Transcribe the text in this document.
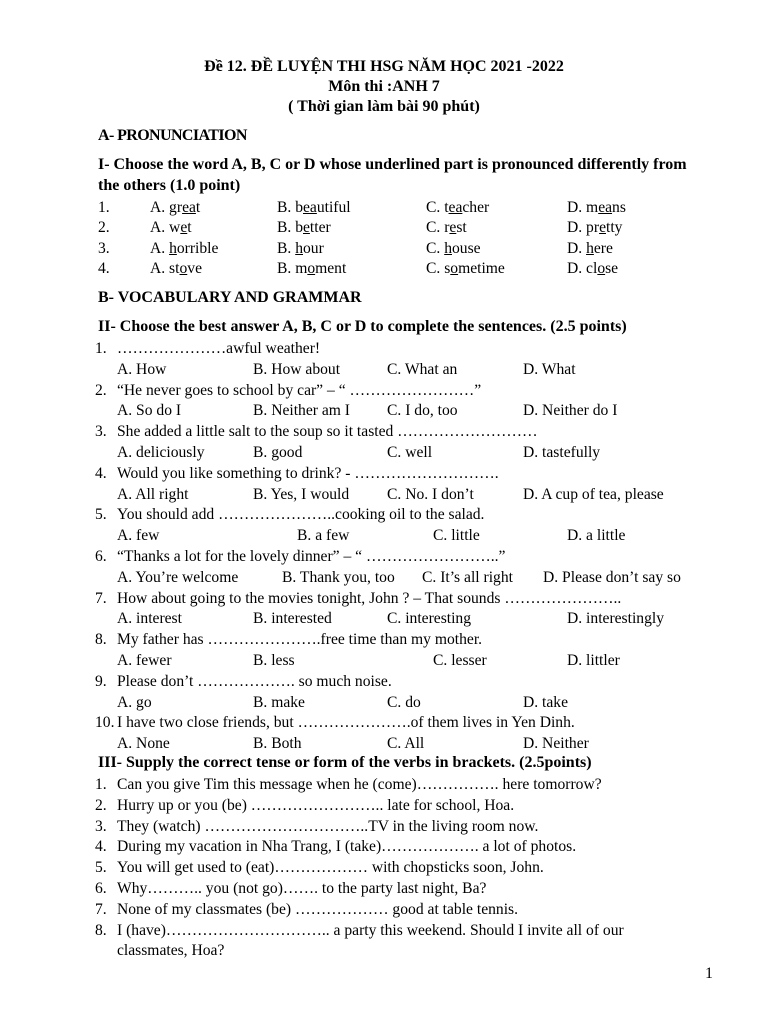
Đề 12. ĐỀ LUYỆN THI HSG NĂM HỌC 2021 -2022
Môn thi :ANH 7
( Thời gian làm bài 90 phút)
A- PRONUNCIATION
I- Choose the word A, B, C or D whose underlined part is pronounced differently from
the others (1.0 point)
1.	A. great	B. beautiful	C. teacher	D. means
2.	A. wet	B. better	C. rest	D. pretty
3.	A. horrible	B. hour	C. house	D. here
4.	A. stove	B. moment	C. sometime	D. close
B- VOCABULARY AND GRAMMAR
II- Choose the best answer A, B, C or D to complete the sentences. (2.5 points)
1. …………………awful weather!
A. How	B. How about	C. What an	D. What
2. “He never goes to school by car” – “ ……………………”
A. So do I	B. Neither am I C. I do, too	D. Neither do I
3. She added a little salt to the soup so it tasted ………………………
A. deliciously	B. good	C. well	D. tastefully
4. Would you like something to drink? - ……………………….
A. All right	B. Yes, I would C. No. I don’t	D. A cup of tea, please
5. You should add …………………..cooking oil to the salad.
A. few	B. a few	C. little	D. a little
6. “Thanks a lot for the lovely dinner” – “ ……………………..”
A. You’re welcome	B. Thank you, too C. It’s all right D. Please don’t say so
7. How about going to the movies tonight, John ? – That sounds …………………..
A. interest	B. interested	C. interesting	D. interestingly
8. My father has ………………….free time than my mother.
A. fewer	B. less	C. lesser	D. littler
9. Please don’t ………………. so much noise.
A. go	B. make	C. do	D. take
10. I have two close friends, but ………………….of them lives in Yen Dinh.
A. None	B. Both	C. All	D. Neither
III- Supply the correct tense or form of the verbs in brackets. (2.5points)
1. Can you give Tim this message when he (come)……………. here tomorrow?
2. Hurry up or you (be) …………………….. late for school, Hoa.
3. They (watch) …………………………..TV in the living room now.
4. During my vacation in Nha Trang, I (take)………………. a lot of photos.
5. You will get used to (eat)……………… with chopsticks soon, John.
6. Why……….. you (not go)……. to the party last night, Ba?
7. None of my classmates (be) ……………… good at table tennis.
8. I (have)………………………….. a party this weekend. Should I invite all of our
classmates, Hoa?
1
